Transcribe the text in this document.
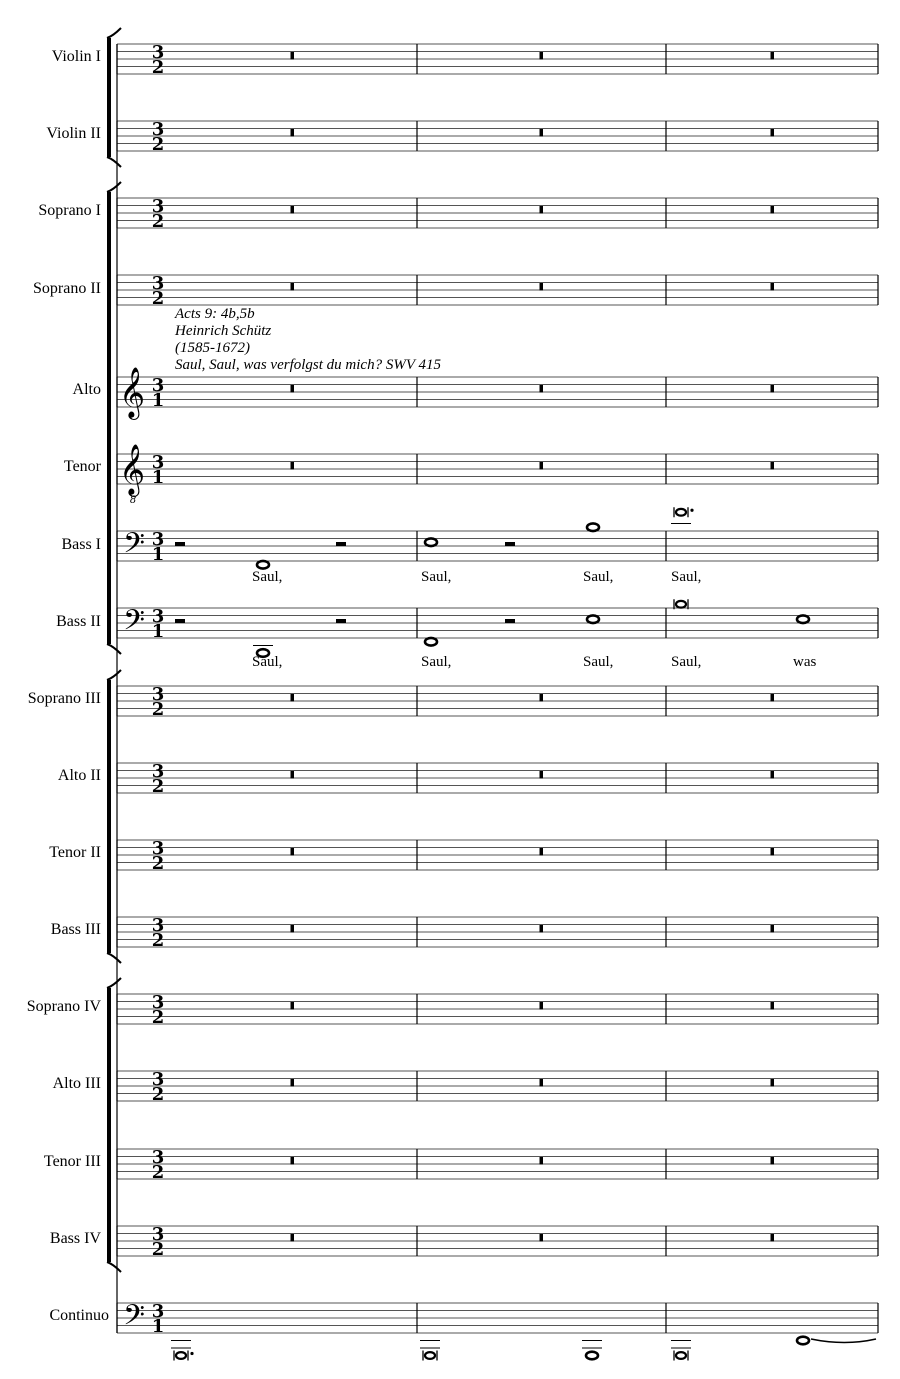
Violin I
Violin II
Soprano I
Soprano II
Alto
Tenor
Bass I
Bass II
Soprano III
Alto II
Tenor II
Bass III
Soprano IV
Alto III
Tenor III
Bass IV
Continuo
Acts 9: 4b,5b
Heinrich Schütz
(1585-1672)
Saul, Saul, was verfolgst du mich? SWV 415
Saul,	Saul,	Saul,	Saul,
Saul,	Saul,	Saul,	Saul,	was
3
2
3
2
3
2
3
2
𝄞 3
1
𝄞
8
3
1
𝄢 3
1
𝄢 3
1
3
2
3
2
3
2
3
2
3
2
3
2
3
2
3
2
𝄢 3
1
